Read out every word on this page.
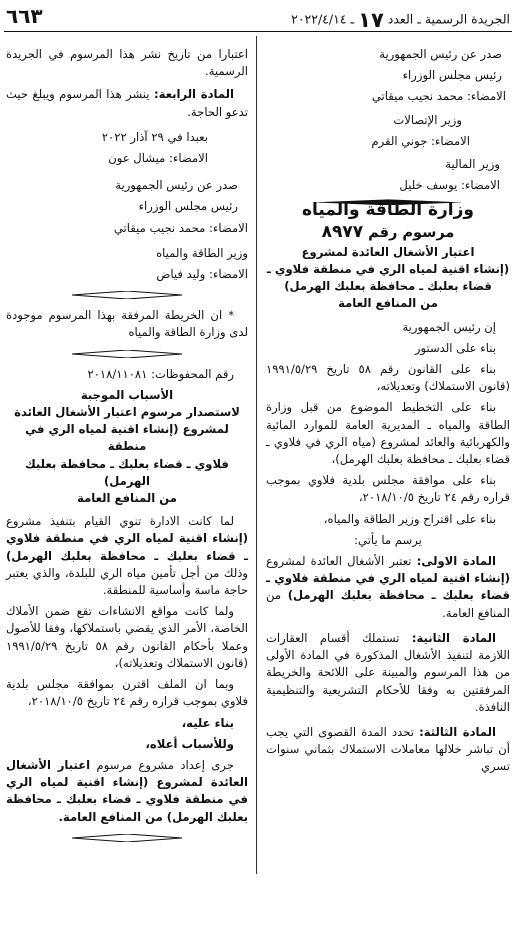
٦٦٣	الجريدة الرسمية ـ العدد ١٧ ـ ٢٠٢٢/٤/١٤

صدر عن رئيس الجمهورية

رئيس مجلس الوزراء

الامضاء: محمد نجيب ميقاتي

وزير الإتصالات

الامضاء: جوني القرم

وزير المالية

الامضاء: يوسف خليل

وزارة الطاقة والمياه
مرسوم رقم ٨٩٧٧

اعتبار الأشغال العائدة لمشروع

(إنشاء اقنية لمياه الري في منطقة فلاوي ـ

قضاء بعلبك ـ محافظة بعلبك الهرمل)

من المنافع العامة

إن رئيس الجمهورية

بناء على الدستور

بناء على القانون رقم ٥٨ تاريخ ١٩٩١/٥/٢٩ (قانون الاستملاك) وتعديلاته،

بناء على التخطيط الموضوع من قبل وزارة الطاقة والمياه ـ المديرية العامة للموارد المائية والكهربائية والعائد لمشروع (مياه الري في فلاوي ـ قضاء بعلبك ـ محافظة بعلبك الهرمل)،

بناء على موافقة مجلس بلدية فلاوي بموجب قراره رقم ٢٤ تاريخ ٢٠١٨/١٠/٥،

بناء على اقتراح وزير الطاقة والمياه،

يرسم ما يأتي:

المادة الاولى: تعتبر الأشغال العائدة لمشروع (إنشاء اقنية لمياه الري في منطقة فلاوي ـ قضاء بعلبك ـ محافظة بعلبك الهرمل) من المنافع العامة.

المادة الثانية: تستملك أقسام العقارات اللازمة لتنفيذ الأشغال المذكورة في المادة الأولى من هذا المرسوم والمبينة على اللائحة والخريطة المرفقتين به وفقا للأحكام التشريعية والتنظيمية النافذة.

المادة الثالثة: تحدد المدة القصوى التي يجب أن تباشر خلالها معاملات الاستملاك بثماني سنوات تسري

اعتبارا من تاريخ نشر هذا المرسوم في الجريدة الرسمية.

المادة الرابعة: ينشر هذا المرسوم ويبلغ حيث تدعو الحاجة.

بعبدا في ٢٩ آذار ٢٠٢٢

الامضاء: ميشال عون

صدر عن رئيس الجمهورية

رئيس مجلس الوزراء

الامضاء: محمد نجيب ميقاتي

وزير الطاقة والمياه

الامضاء: وليد فياض

* ان الخريطة المرفقة بهذا المرسوم موجودة لدى وزارة الطاقة والمياه

رقم المحفوظات: ٢٠١٨/١١٠٨١

الأسباب الموجبة

لاستصدار مرسوم اعتبار الأشغال العائدة

لمشروع (إنشاء اقنية لمياه الري في منطقة

فلاوي ـ قضاء بعلبك ـ محافظة بعلبك الهرمل)

من المنافع العامة

لما كانت الادارة تنوي القيام بتنفيذ مشروع (إنشاء اقنية لمياه الري في منطقة فلاوي ـ قضاء بعلبك ـ محافظة بعلبك الهرمل) وذلك من أجل تأمين مياه الري للبلدة، والذي يعتبر حاجة ماسة وأساسية للمنطقة.

ولما كانت مواقع الانشاءات تقع ضمن الأملاك الخاصة، الأمر الذي يقضي باستملاكها، وفقا للأصول وعملا بأحكام القانون رقم ٥٨ تاريخ ١٩٩١/٥/٢٩ (قانون الاستملاك وتعديلاته)،

وبما ان الملف اقترن بموافقة مجلس بلدية فلاوي بموجب قراره رقم ٢٤ تاريخ ٢٠١٨/١٠/٥،

بناء عليه،

وللأسباب أعلاه،

جرى إعداد مشروع مرسوم اعتبار الأشغال العائدة لمشروع (إنشاء اقنية لمياه الري في منطقة فلاوي ـ قضاء بعلبك ـ محافظة بعلبك الهرمل) من المنافع العامة.
